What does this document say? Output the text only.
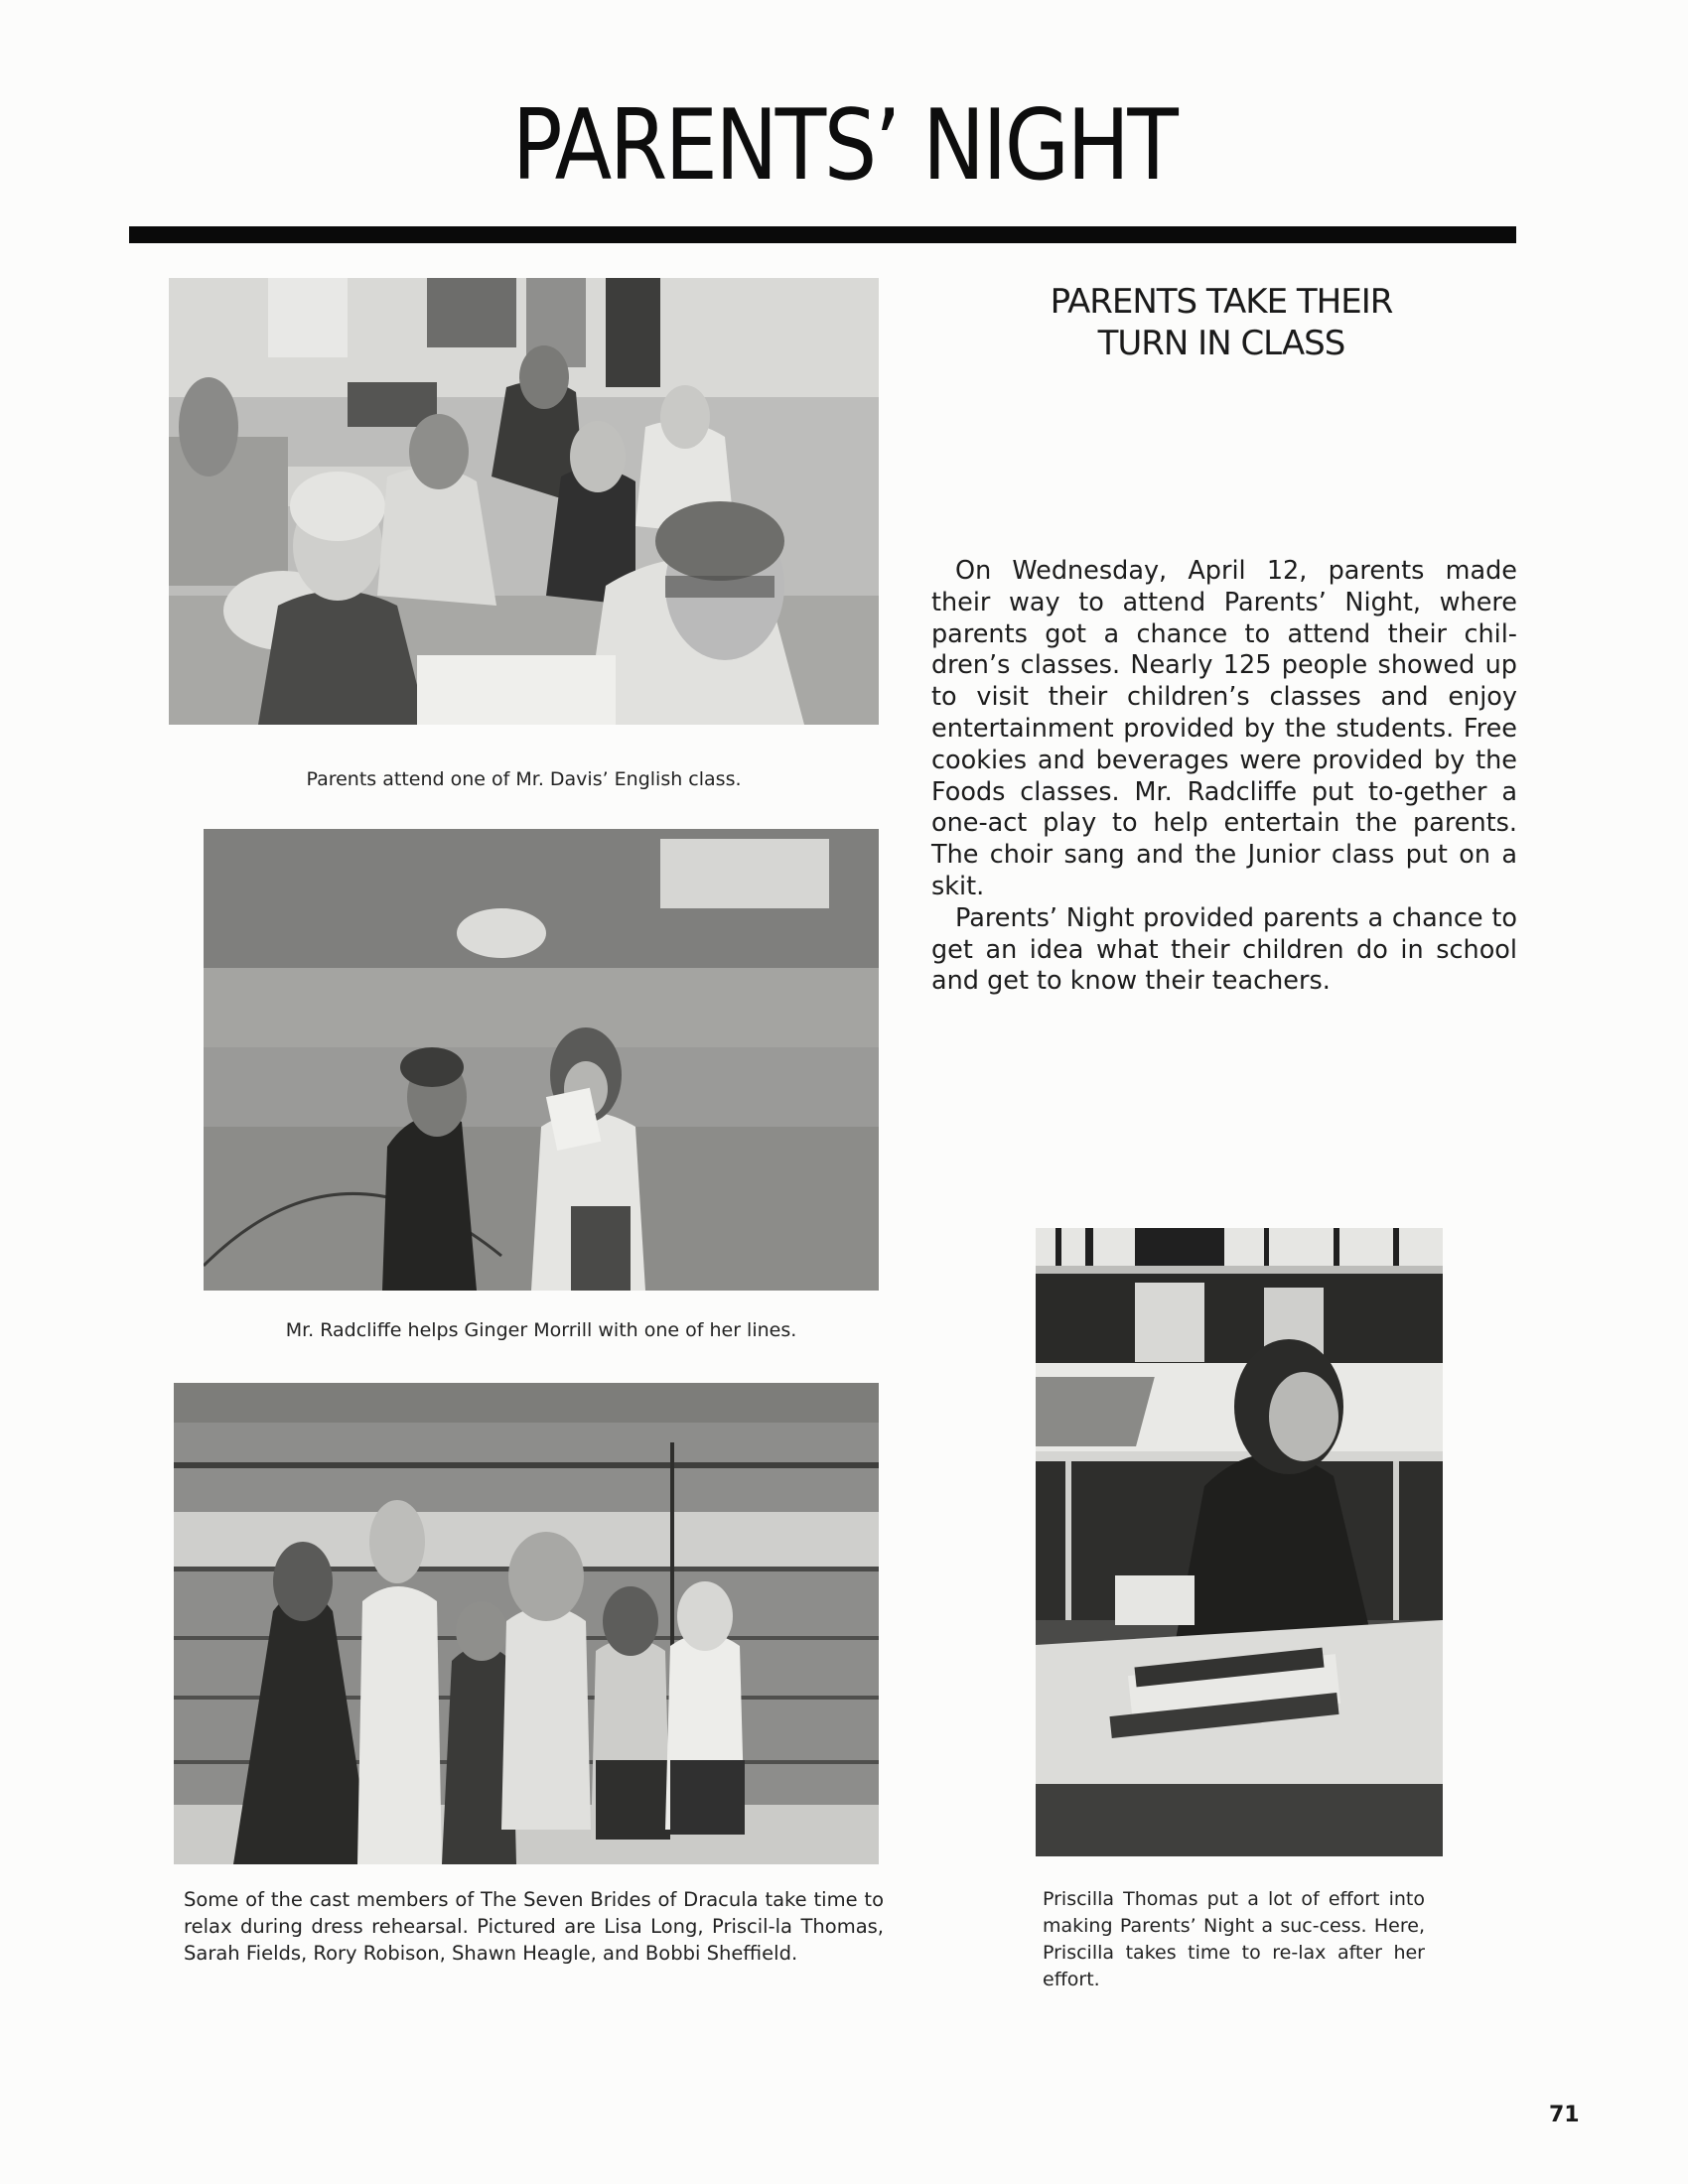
PARENTS’ NIGHT
Parents attend one of Mr. Davis’ English class.
Mr. Radcliffe helps Ginger Morrill with one of her lines.
Some of the cast members of The Seven Brides of Dracula take time to relax during dress rehearsal. Pictured are Lisa Long, Priscil-la Thomas, Sarah Fields, Rory Robison, Shawn Heagle, and Bobbi Sheffield.
Priscilla Thomas put a lot of effort into making Parents’ Night a suc-cess. Here, Priscilla takes time to re-lax after her effort.
PARENTS TAKE THEIR
TURN IN CLASS

On Wednesday, April 12, parents made their way to attend Parents’ Night, where parents got a chance to attend their chil-dren’s classes. Nearly 125 people showed up to visit their children’s classes and enjoy entertainment provided by the students. Free cookies and beverages were provided by the Foods classes. Mr. Radcliffe put to-gether a one-act play to help entertain the parents. The choir sang and the Junior class put on a skit.

Parents’ Night provided parents a chance to get an idea what their children do in school and get to know their teachers.

71
